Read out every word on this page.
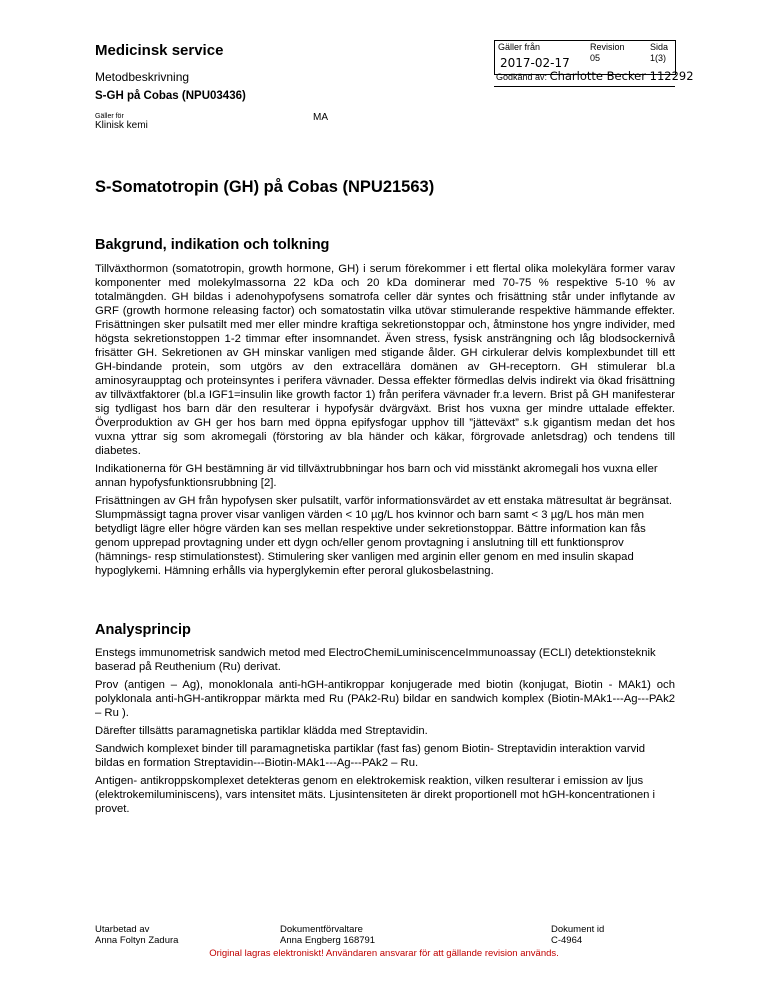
Medicinsk service
Metodbeskrivning
S-GH på Cobas (NPU03436)
Gäller för
Klinisk kemi
MA
Gäller från
2017-02-17
Revision
05
Sida
1(3)
Godkänd av: Charlotte Becker 112292
S-Somatotropin (GH) på Cobas (NPU21563)
Bakgrund, indikation och tolkning

Tillväxthormon (somatotropin, growth hormone, GH) i serum förekommer i ett flertal olika molekylära former varav komponenter med molekylmassorna 22 kDa och 20 kDa dominerar med 70-75 % respektive 5-10 % av totalmängden. GH bildas i adenohypofysens somatrofa celler där syntes och frisättning står under inflytande av GRF (growth hormone releasing factor) och somatostatin vilka utövar stimulerande respektive hämmande effekter. Frisättningen sker pulsatilt med mer eller mindre kraftiga sekretionstoppar och, åtminstone hos yngre individer, med högsta sekretionstoppen 1-2 timmar efter insomnandet. Även stress, fysisk ansträngning och låg blodsockernivå frisätter GH. Sekretionen av GH minskar vanligen med stigande ålder. GH cirkulerar delvis komplexbundet till ett GH-bindande protein, som utgörs av den extracellära domänen av GH-receptorn. GH stimulerar bl.a aminosyraupptag och proteinsyntes i perifera vävnader. Dessa effekter förmedlas delvis indirekt via ökad frisättning av tillväxtfaktorer (bl.a IGF1=insulin like growth factor 1) från perifera vävnader fr.a levern. Brist på GH manifesterar sig tydligast hos barn där den resulterar i hypofysär dvärgväxt. Brist hos vuxna ger mindre uttalade effekter. Överproduktion av GH ger hos barn med öppna epifysfogar upphov till ”jätteväxt” s.k gigantism medan det hos vuxna yttrar sig som akromegali (förstoring av bla händer och käkar, förgrovade anletsdrag) och tendens till diabetes.

Indikationerna för GH bestämning är vid tillväxtrubbningar hos barn och vid misstänkt akromegali hos vuxna eller annan hypofysfunktionsrubbning [2].

Frisättningen av GH från hypofysen sker pulsatilt, varför informationsvärdet av ett enstaka mätresultat är begränsat. Slumpmässigt tagna prover visar vanligen värden < 10 µg/L hos kvinnor och barn samt < 3 µg/L hos män men betydligt lägre eller högre värden kan ses mellan respektive under sekretionstoppar. Bättre information kan fås genom upprepad provtagning under ett dygn och/eller genom provtagning i anslutning till ett funktionsprov (hämnings- resp stimulationstest). Stimulering sker vanligen med arginin eller genom en med insulin skapad hypoglykemi. Hämning erhålls via hyperglykemin efter peroral glukosbelastning.

Analysprincip

Enstegs immunometrisk sandwich metod med ElectroChemiLuminiscenceImmunoassay (ECLI) detektionsteknik baserad på Reuthenium (Ru) derivat.

Prov (antigen – Ag), monoklonala anti-hGH-antikroppar konjugerade med biotin (konjugat, Biotin - MAk1) och polyklonala anti-hGH-antikroppar märkta med Ru (PAk2-Ru) bildar en sandwich komplex (Biotin-MAk1---Ag---PAk2 – Ru ).

Därefter tillsätts paramagnetiska partiklar klädda med Streptavidin.

Sandwich komplexet binder till paramagnetiska partiklar (fast fas) genom Biotin- Streptavidin interaktion varvid bildas en formation Streptavidin---Biotin-MAk1---Ag---PAk2 – Ru.

Antigen- antikroppskomplexet detekteras genom en elektrokemisk reaktion, vilken resulterar i emission av ljus (elektrokemiluminiscens), vars intensitet mäts. Ljusintensiteten är direkt proportionell mot hGH-koncentrationen i provet.

Utarbetad av
Anna Foltyn Zadura
Dokumentförvaltare
Anna Engberg 168791
Dokument id
C-4964
Original lagras elektroniskt! Användaren ansvarar för att gällande revision används.
